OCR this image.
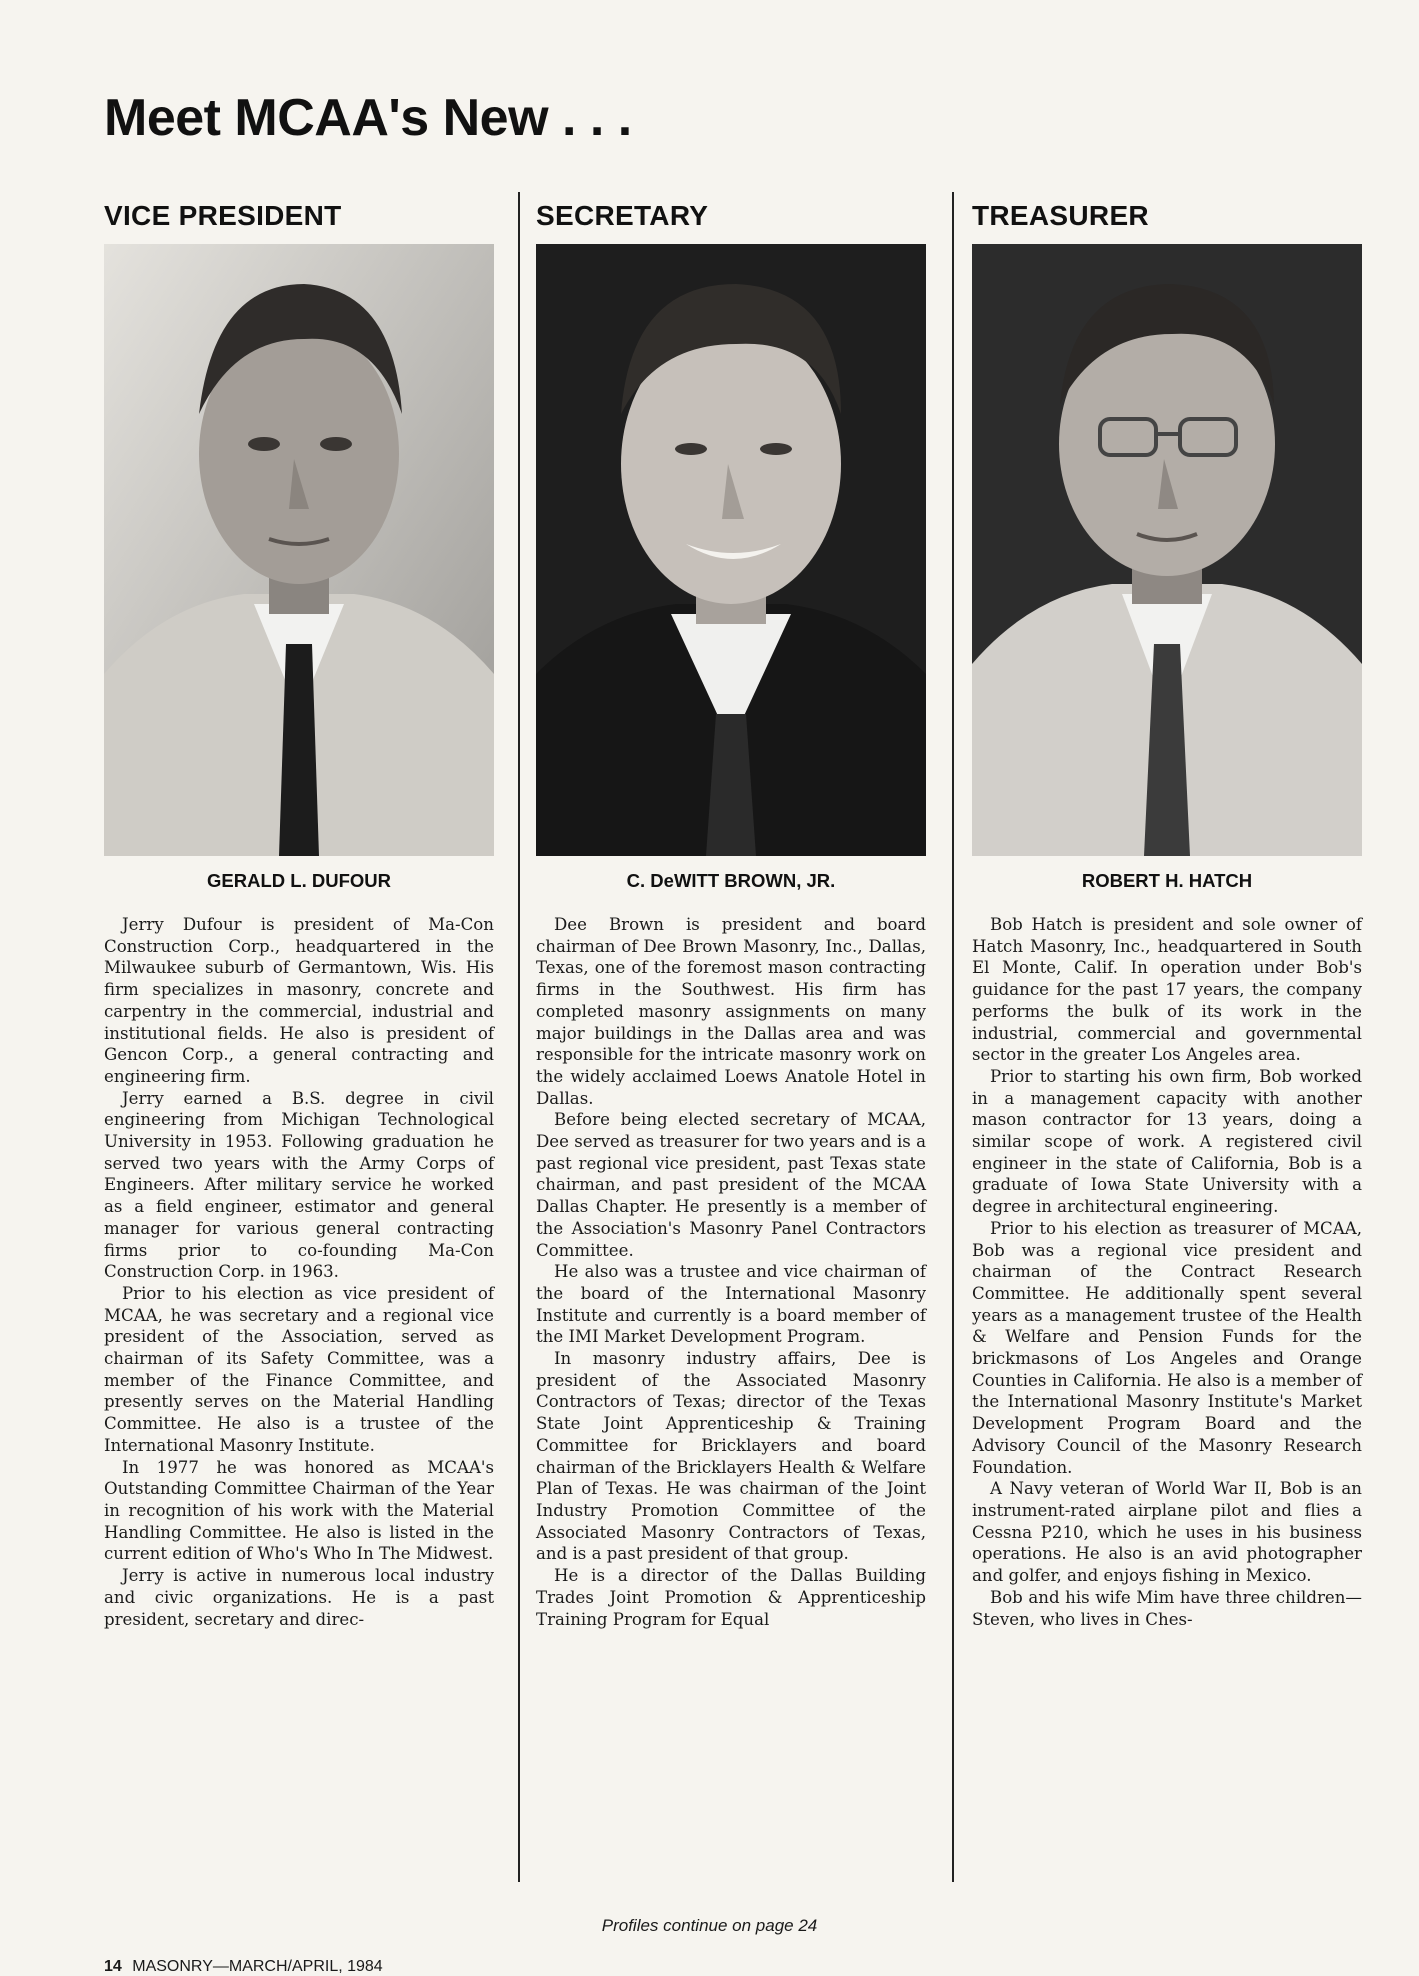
Meet MCAA's New . . .
VICE PRESIDENT
GERALD L. DUFOUR

Jerry Dufour is president of Ma-Con Construction Corp., headquartered in the Milwaukee suburb of Germantown, Wis. His firm specializes in masonry, concrete and carpentry in the commercial, industrial and institutional fields. He also is president of Gencon Corp., a general contracting and engineering firm.

Jerry earned a B.S. degree in civil engineering from Michigan Technological University in 1953. Following graduation he served two years with the Army Corps of Engineers. After military service he worked as a field engineer, estimator and general manager for various general contracting firms prior to co-founding Ma-Con Construction Corp. in 1963.

Prior to his election as vice president of MCAA, he was secretary and a regional vice president of the Association, served as chairman of its Safety Committee, was a member of the Finance Committee, and presently serves on the Material Handling Committee. He also is a trustee of the International Masonry Institute.

In 1977 he was honored as MCAA's Outstanding Committee Chairman of the Year in recognition of his work with the Material Handling Committee. He also is listed in the current edition of Who's Who In The Midwest.

Jerry is active in numerous local industry and civic organizations. He is a past president, secretary and direc-

SECRETARY
C. DeWITT BROWN, JR.

Dee Brown is president and board chairman of Dee Brown Masonry, Inc., Dallas, Texas, one of the foremost mason contracting firms in the Southwest. His firm has completed masonry assignments on many major buildings in the Dallas area and was responsible for the intricate masonry work on the widely acclaimed Loews Anatole Hotel in Dallas.

Before being elected secretary of MCAA, Dee served as treasurer for two years and is a past regional vice president, past Texas state chairman, and past president of the MCAA Dallas Chapter. He presently is a member of the Association's Masonry Panel Contractors Committee.

He also was a trustee and vice chairman of the board of the International Masonry Institute and currently is a board member of the IMI Market Development Program.

In masonry industry affairs, Dee is president of the Associated Masonry Contractors of Texas; director of the Texas State Joint Apprenticeship & Training Committee for Bricklayers and board chairman of the Bricklayers Health & Welfare Plan of Texas. He was chairman of the Joint Industry Promotion Committee of the Associated Masonry Contractors of Texas, and is a past president of that group.

He is a director of the Dallas Building Trades Joint Promotion & Apprenticeship Training Program for Equal

TREASURER
ROBERT H. HATCH

Bob Hatch is president and sole owner of Hatch Masonry, Inc., headquartered in South El Monte, Calif. In operation under Bob's guidance for the past 17 years, the company performs the bulk of its work in the industrial, commercial and governmental sector in the greater Los Angeles area.

Prior to starting his own firm, Bob worked in a management capacity with another mason contractor for 13 years, doing a similar scope of work. A registered civil engineer in the state of California, Bob is a graduate of Iowa State University with a degree in architectural engineering.

Prior to his election as treasurer of MCAA, Bob was a regional vice president and chairman of the Contract Research Committee. He additionally spent several years as a management trustee of the Health & Welfare and Pension Funds for the brickmasons of Los Angeles and Orange Counties in California. He also is a member of the International Masonry Institute's Market Development Program Board and the Advisory Council of the Masonry Research Foundation.

A Navy veteran of World War II, Bob is an instrument-rated airplane pilot and flies a Cessna P210, which he uses in his business operations. He also is an avid photographer and golfer, and enjoys fishing in Mexico.

Bob and his wife Mim have three children—Steven, who lives in Ches-

Profiles continue on page 24
14 MASONRY—MARCH/APRIL, 1984
